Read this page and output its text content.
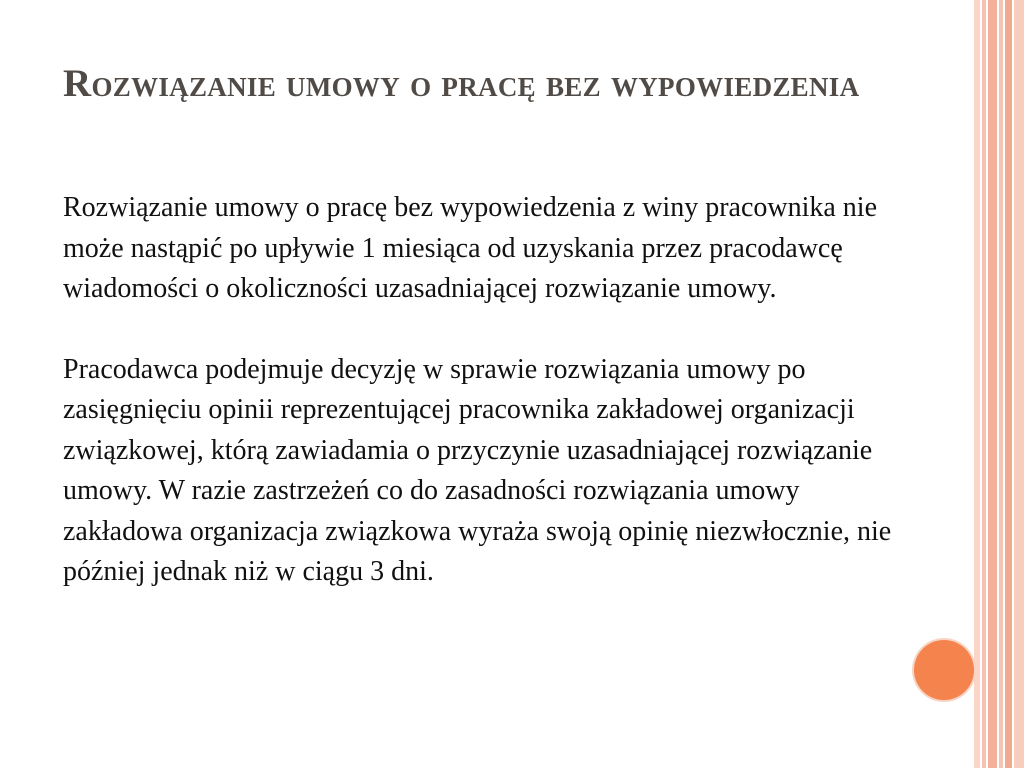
Rozwiązanie umowy o pracę bez wypowiedzenia

Rozwiązanie umowy o pracę bez wypowiedzenia z winy pracownika nie może nastąpić po upływie 1 miesiąca od uzyskania przez pracodawcę wiadomości o okoliczności uzasadniającej rozwiązanie umowy.

Pracodawca podejmuje decyzję w sprawie rozwiązania umowy po zasięgnięciu opinii reprezentującej pracownika zakładowej organizacji związkowej, którą zawiadamia o przyczynie uzasadniającej rozwiązanie umowy. W razie zastrzeżeń co do zasadności rozwiązania umowy zakładowa organizacja związkowa wyraża swoją opinię niezwłocznie, nie później jednak niż w ciągu 3 dni.
